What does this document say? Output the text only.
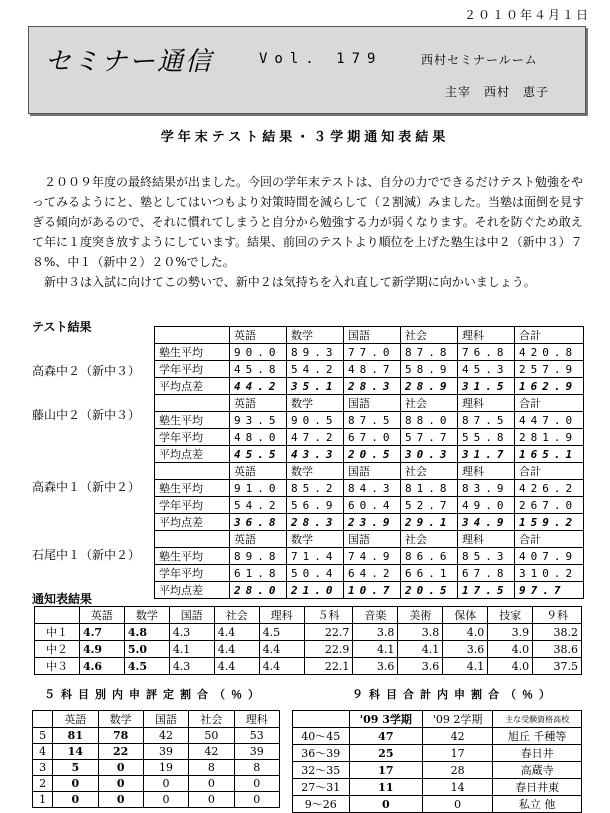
２０１０年４月１日
セミナー通信	Vol. 179	西村セミナールーム
主宰　西村　恵子
学年末テスト結果・３学期通知表結果

　２００９年度の最終結果が出ました。今回の学年末テストは、自分の力でできるだけテスト勉強をやってみるようにと、塾としてはいつもより対策時間を減らして（２割減）みました。当塾は面倒を見すぎる傾向があるので、それに慣れてしまうと自分から勉強する力が弱くなります。それを防ぐため敢えて年に１度突き放すようにしています。結果、前回のテストより順位を上げた塾生は中２（新中３）７８%、中１（新中２）２０%でした。

　新中３は入試に向けてこの勢いで、新中２は気持ちを入れ直して新学期に向かいましょう。

テスト結果
高森中２（新中３）
	英語	数学	国語	社会	理科	合計
塾生平均	90.0	89.3	77.0	87.8	76.8	420.8
学年平均	45.8	54.2	48.7	58.9	45.3	257.9
平均点差	44.2	35.1	28.3	28.9	31.5	162.9
藤山中２（新中３）
	英語	数学	国語	社会	理科	合計
塾生平均	93.5	90.5	87.5	88.0	87.5	447.0
学年平均	48.0	47.2	67.0	57.7	55.8	281.9
平均点差	45.5	43.3	20.5	30.3	31.7	165.1
高森中１（新中２）
	英語	数学	国語	社会	理科	合計
塾生平均	91.0	85.2	84.3	81.8	83.9	426.2
学年平均	54.2	56.9	60.4	52.7	49.0	267.0
平均点差	36.8	28.3	23.9	29.1	34.9	159.2
石尾中１（新中２）
	英語	数学	国語	社会	理科	合計
塾生平均	89.8	71.4	74.9	86.6	85.3	407.9
学年平均	61.8	50.4	64.2	66.1	67.8	310.2
平均点差	28.0	21.0	10.7	20.5	17.5	97.7
通知表結果
	英語	数学	国語	社会	理科	５科	音楽	美術	保体	技家	９科
中１	4.7	4.8	4.3	4.4	4.5	22.7	3.8	3.8	4.0	3.9	38.2
中２	4.9	5.0	4.1	4.4	4.4	22.9	4.1	4.1	3.6	4.0	38.6
中３	4.6	4.5	4.3	4.4	4.4	22.1	3.6	3.6	4.1	4.0	37.5
５科目別内申評定割合（％）	９科目合計内申割合（％）
	英語	数学	国語	社会	理科
5	81	78	42	50	53
4	14	22	39	42	39
3	5	0	19	8	8
2	0	0	0	0	0
1	0	0	0	0	0
	'09 3学期	'09 2学期	主な受験資格高校
40～45	47	42	旭丘 千種等
36～39	25	17	春日井
32～35	17	28	高蔵寺
27～31	11	14	春日井東
9～26	0	0	私立 他
